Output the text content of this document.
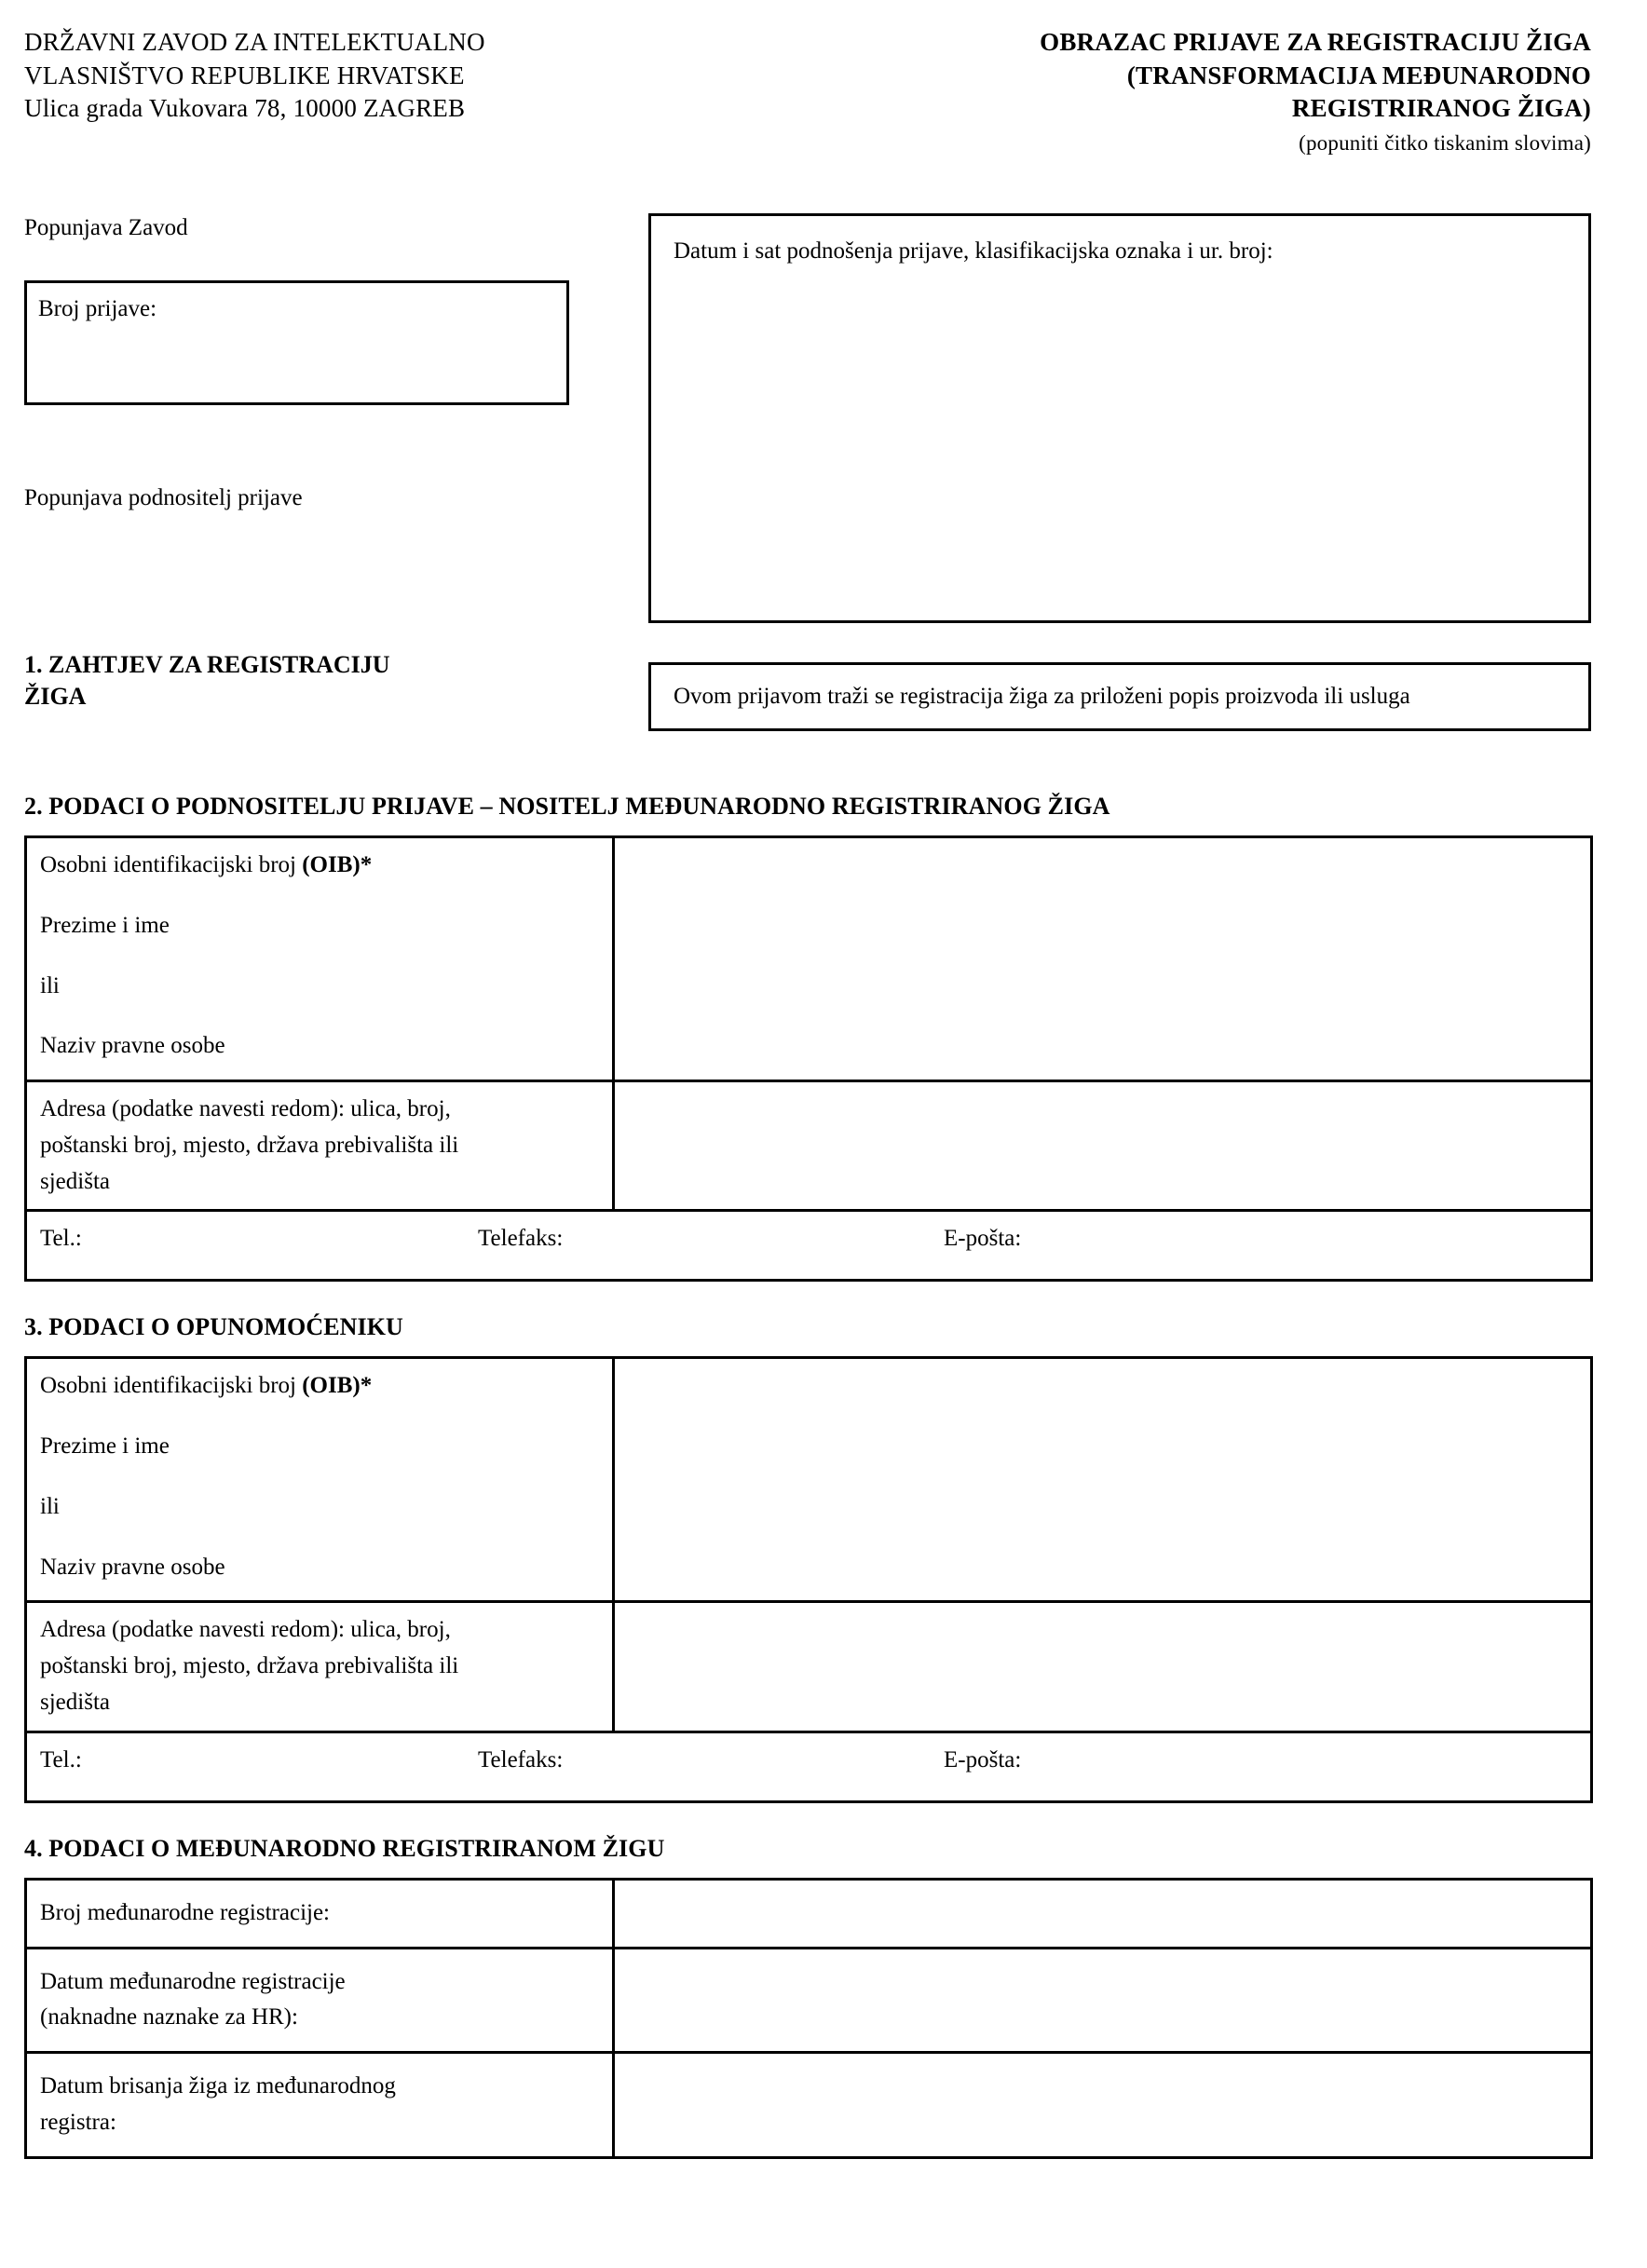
DRŽAVNI ZAVOD ZA INTELEKTUALNO
VLASNIŠTVO REPUBLIKE HRVATSKE
Ulica grada Vukovara 78, 10000 ZAGREB
OBRAZAC PRIJAVE ZA REGISTRACIJU ŽIGA
(TRANSFORMACIJA MEĐUNARODNO
REGISTRIRANOG ŽIGA)
(popuniti čitko tiskanim slovima)
Popunjava Zavod
Broj prijave:
Popunjava podnositelj prijave
Datum i sat podnošenja prijave, klasifikacijska oznaka i ur. broj:
1. ZAHTJEV ZA REGISTRACIJU
ŽIGA	Ovom prijavom traži se registracija žiga za priloženi popis proizvoda ili usluga
2. PODACI O PODNOSITELJU PRIJAVE – NOSITELJ MEĐUNARODNO REGISTRIRANOG ŽIGA
Osobni identifikacijski broj (OIB)*
Prezime i ime
ili
Naziv pravne osobe	

Adresa (podatke navesti redom): ulica, broj,
poštanski broj, mjesto, država prebivališta ili
sjedišta	

Tel.: Telefaks: E-pošta:	
3. PODACI O OPUNOMOĆENIKU
Osobni identifikacijski broj (OIB)*
Prezime i ime
ili
Naziv pravne osobe	

Adresa (podatke navesti redom): ulica, broj,
poštanski broj, mjesto, država prebivališta ili
sjedišta	

Tel.: Telefaks: E-pošta:	
4. PODACI O MEĐUNARODNO REGISTRIRANOM ŽIGU
Broj međunarodne registracije:	

Datum međunarodne registracije
(naknadne naznake za HR):	

Datum brisanja žiga iz međunarodnog
registra:	
